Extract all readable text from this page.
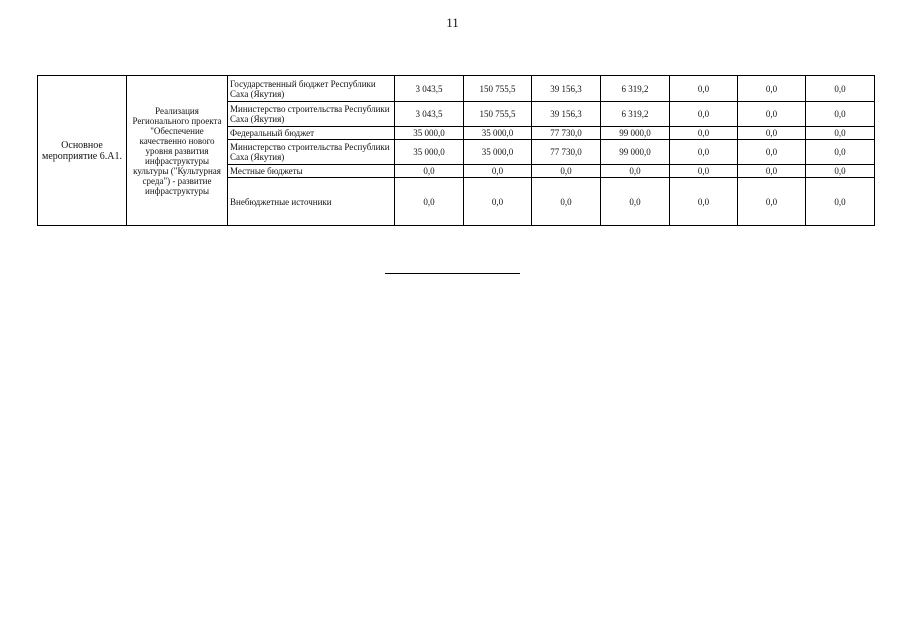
11
Основное мероприятие 6.А1.	Реализация Регионального проекта "Обеспечение качественно нового уровня развития инфраструктуры культуры ("Культурная среда") - развитие инфраструктуры	Государственный бюджет Республики Саха (Якутия)	3 043,5	150 755,5	39 156,3	6 319,2	0,0	0,0	0,0
		Министерство строительства Республики Саха (Якутия)	3 043,5	150 755,5	39 156,3	6 319,2	0,0	0,0	0,0
		Федеральный бюджет	35 000,0	35 000,0	77 730,0	99 000,0	0,0	0,0	0,0
		Министерство строительства Республики Саха (Якутия)	35 000,0	35 000,0	77 730,0	99 000,0	0,0	0,0	0,0
		Местные бюджеты	0,0	0,0	0,0	0,0	0,0	0,0	0,0
		Внебюджетные источники	0,0	0,0	0,0	0,0	0,0	0,0	0,0
